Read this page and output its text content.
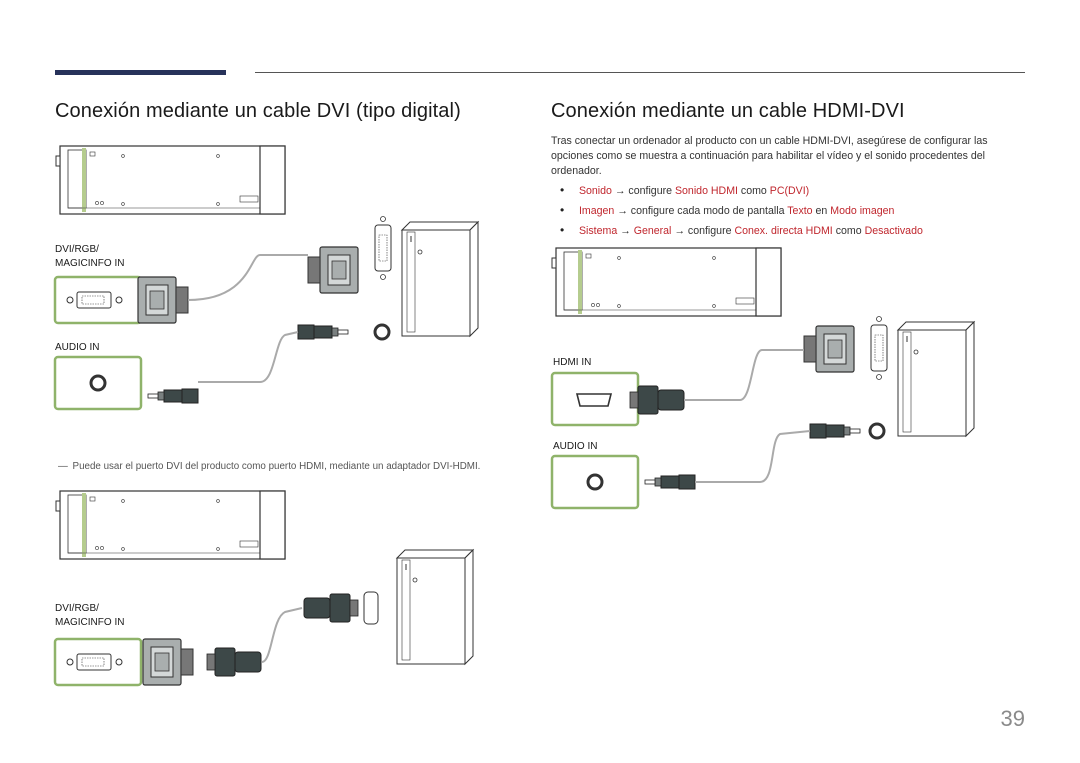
Conexión mediante un cable DVI (tipo digital)	Conexión mediante un cable HDMI-DVI

Tras conectar un ordenador al producto con un cable HDMI-DVI, asegúrese de configurar las opciones como se muestra a continuación para habilitar el vídeo y el sonido procedentes del ordenador.

• Sonido → configure Sonido HDMI como PC(DVI)
• Imagen → configure cada modo de pantalla Texto en Modo imagen
• Sistema → General → configure Conex. directa HDMI como Desactivado

— Puede usar el puerto DVI del producto como puerto HDMI, mediante un adaptador DVI-HDMI.

DVI/RGB/
MAGICINFO IN
AUDIO IN
DVI/RGB/
MAGICINFO IN
HDMI IN
AUDIO IN
39
